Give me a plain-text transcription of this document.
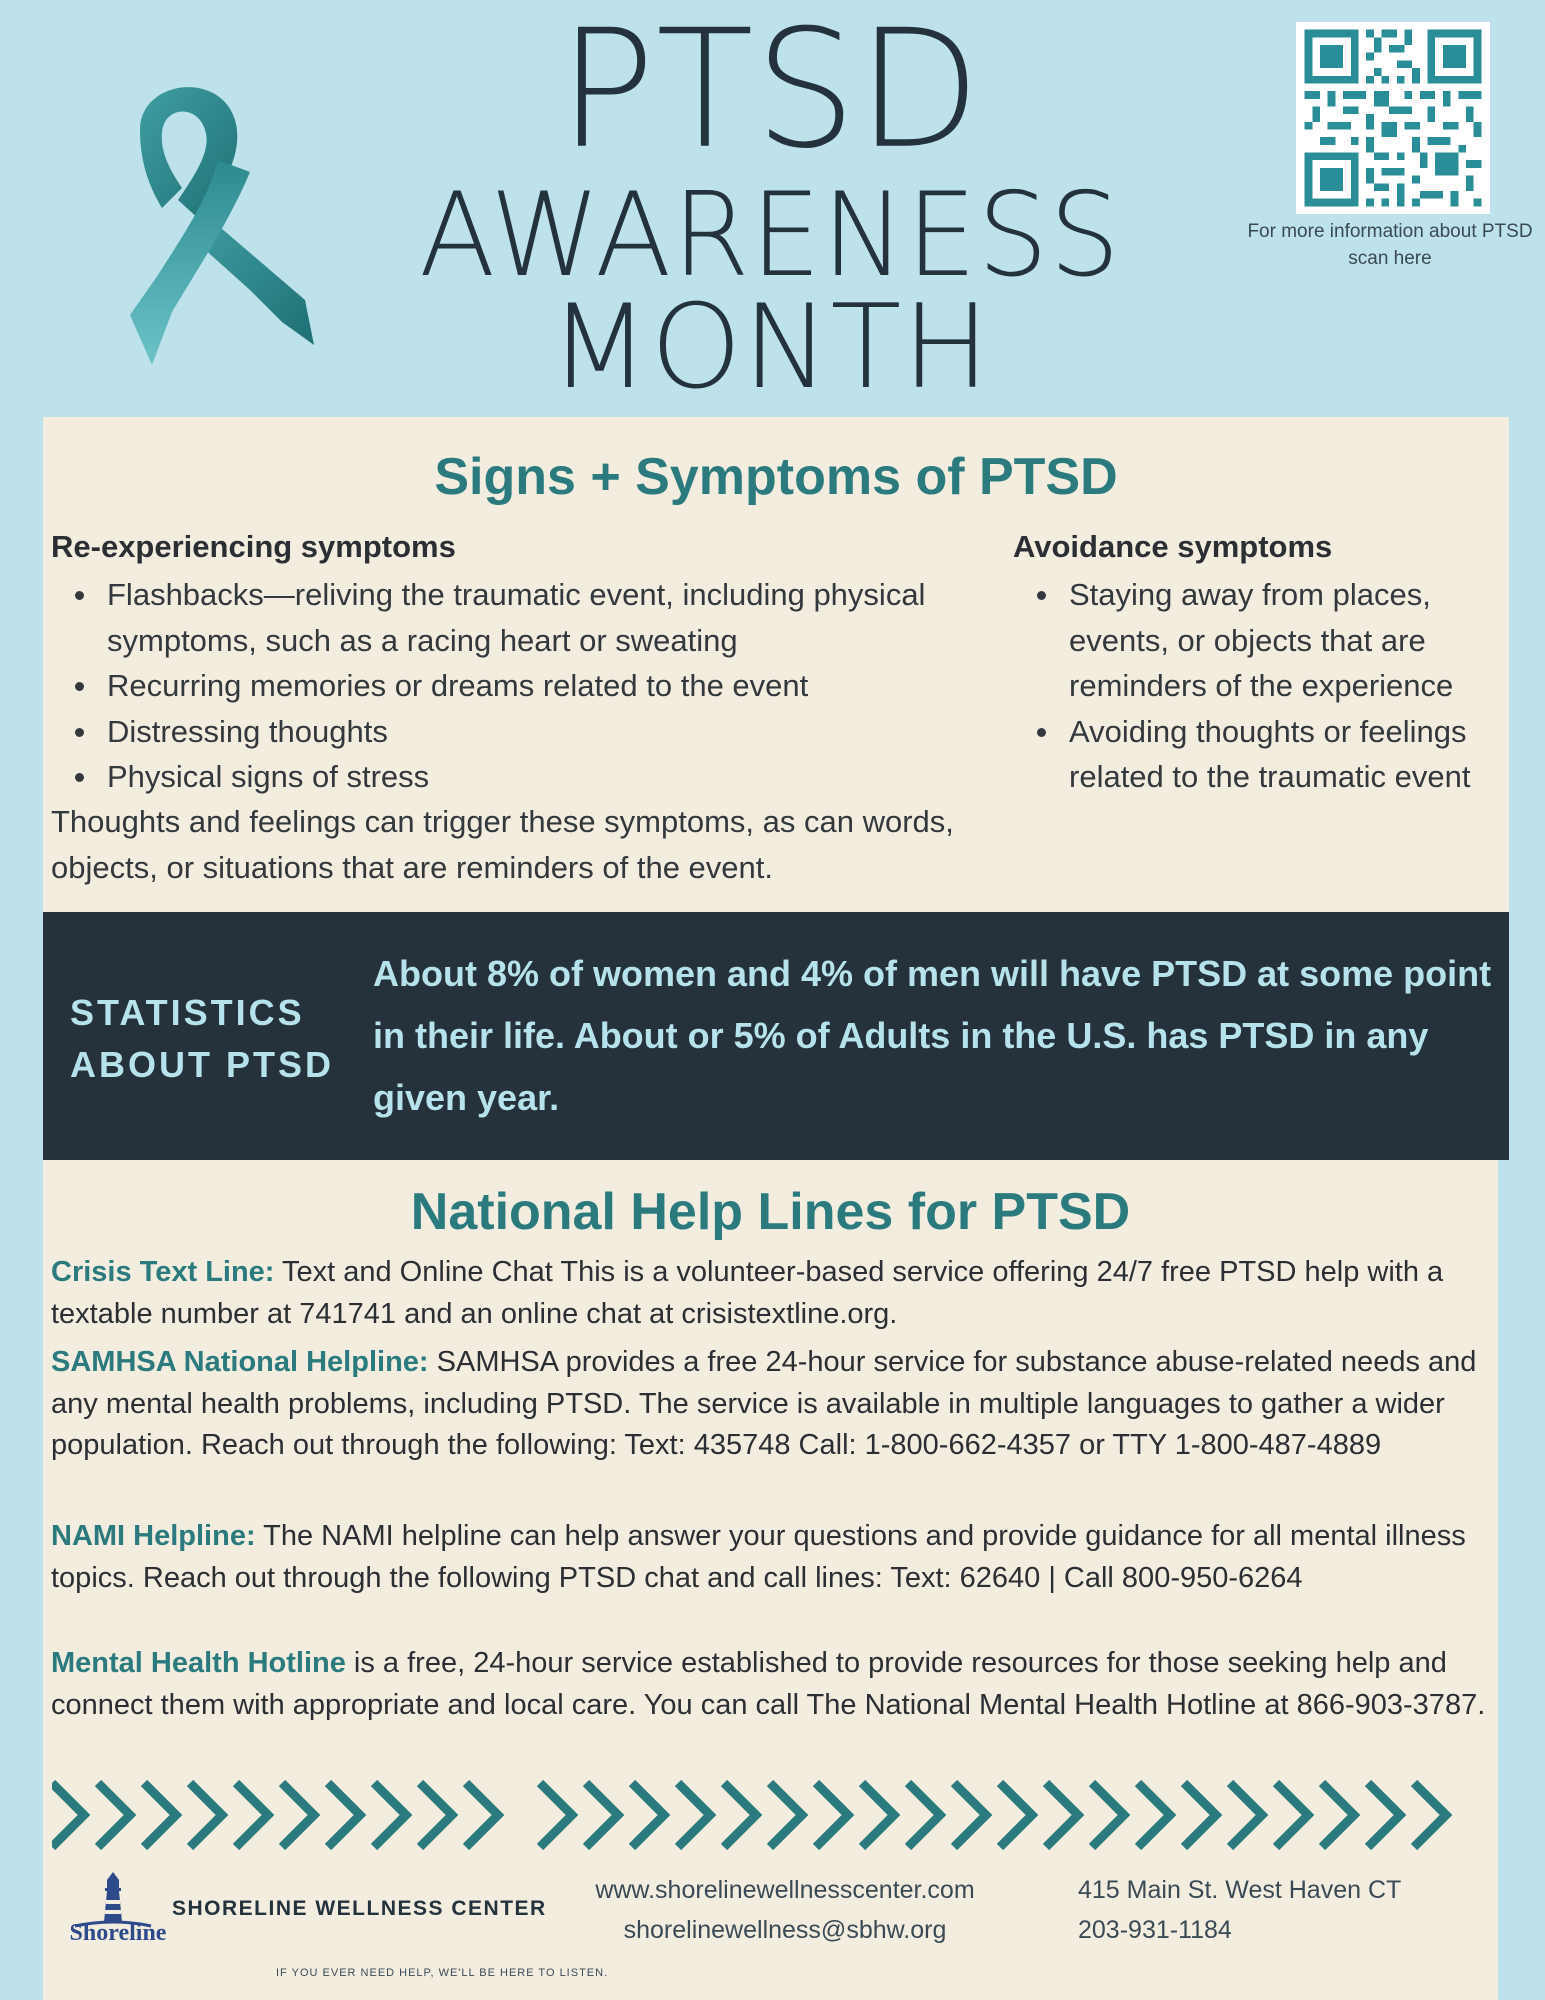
PTSD
AWARENESS
MONTH
For more information about PTSD scan here
Signs + Symptoms of PTSD
Re-experiencing symptoms
Flashbacks—reliving the traumatic event, including physical symptoms, such as a racing heart or sweating
Recurring memories or dreams related to the event
Distressing thoughts
Physical signs of stress
Thoughts and feelings can trigger these symptoms, as can words, objects, or situations that are reminders of the event.
Avoidance symptoms
Staying away from places, events, or objects that are reminders of the experience
Avoiding thoughts or feelings related to the traumatic event
STATISTICS ABOUT PTSD
About 8% of women and 4% of men will have PTSD at some point in their life. About or 5% of Adults in the U.S. has PTSD in any given year.
National Help Lines for PTSD

Crisis Text Line: Text and Online Chat This is a volunteer-based service offering 24/7 free PTSD help with a textable number at 741741 and an online chat at crisistextline.org.

SAMHSA National Helpline: SAMHSA provides a free 24-hour service for substance abuse-related needs and any mental health problems, including PTSD. The service is available in multiple languages to gather a wider population. Reach out through the following: Text: 435748 Call: 1-800-662-4357 or TTY 1-800-487-4889

NAMI Helpline: The NAMI helpline can help answer your questions and provide guidance for all mental illness topics. Reach out through the following PTSD chat and call lines: Text: 62640 | Call 800-950-6264

Mental Health Hotline is a free, 24-hour service established to provide resources for those seeking help and connect them with appropriate and local care. You can call The National Mental Health Hotline at 866-903-3787.

Shoreline
SHORELINE WELLNESS CENTER
IF YOU EVER NEED HELP, WE'LL BE HERE TO LISTEN.
www.shorelinewellnesscenter.com
shorelinewellness@sbhw.org
415 Main St. West Haven CT
203-931-1184
